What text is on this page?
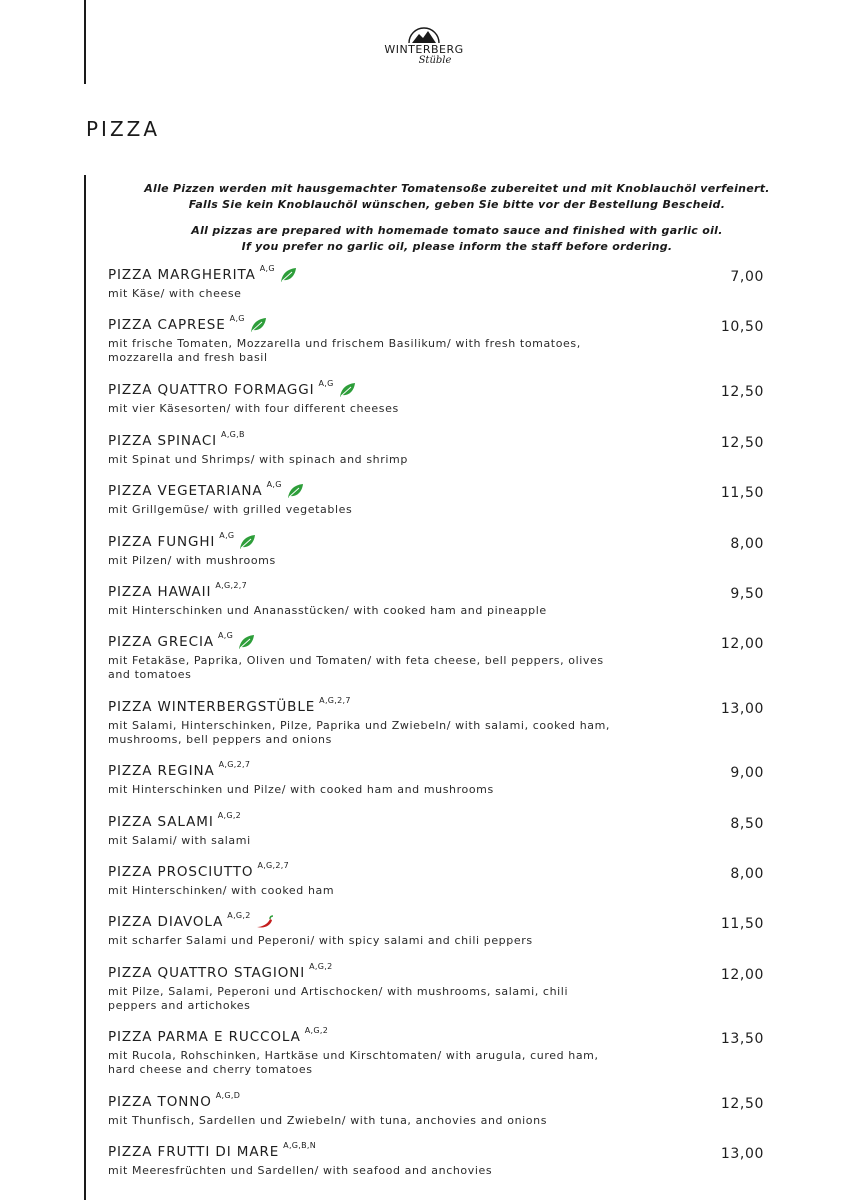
WINTERBERG
Stüble
PIZZA

Alle Pizzen werden mit hausgemachter Tomatensoße zubereitet und mit Knoblauchöl verfeinert.

Falls Sie kein Knoblauchöl wünschen, geben Sie bitte vor der Bestellung Bescheid.

All pizzas are prepared with homemade tomato sauce and finished with garlic oil.

If you prefer no garlic oil, please inform the staff before ordering.

PIZZA MARGHERITA A,G
7,00
mit Käse/ with cheese
PIZZA CAPRESE A,G
10,50
mit frische Tomaten, Mozzarella und frischem Basilikum/ with fresh tomatoes,
mozzarella and fresh basil
PIZZA QUATTRO FORMAGGI A,G
12,50
mit vier Käsesorten/ with four different cheeses
PIZZA SPINACI A,G,B
12,50
mit Spinat und Shrimps/ with spinach and shrimp
PIZZA VEGETARIANA A,G
11,50
mit Grillgemüse/ with grilled vegetables
PIZZA FUNGHI A,G
8,00
mit Pilzen/ with mushrooms
PIZZA HAWAII A,G,2,7
9,50
mit Hinterschinken und Ananasstücken/ with cooked ham and pineapple
PIZZA GRECIA A,G
12,00
mit Fetakäse, Paprika, Oliven und Tomaten/ with feta cheese, bell peppers, olives
and tomatoes
PIZZA WINTERBERGSTÜBLE A,G,2,7
13,00
mit Salami, Hinterschinken, Pilze, Paprika und Zwiebeln/ with salami, cooked ham,
mushrooms, bell peppers and onions
PIZZA REGINA A,G,2,7
9,00
mit Hinterschinken und Pilze/ with cooked ham and mushrooms
PIZZA SALAMI A,G,2
8,50
mit Salami/ with salami
PIZZA PROSCIUTTO A,G,2,7
8,00
mit Hinterschinken/ with cooked ham
PIZZA DIAVOLA A,G,2
11,50
mit scharfer Salami und Peperoni/ with spicy salami and chili peppers
PIZZA QUATTRO STAGIONI A,G,2
12,00
mit Pilze, Salami, Peperoni und Artischocken/ with mushrooms, salami, chili
peppers and artichokes
PIZZA PARMA E RUCCOLA A,G,2
13,50
mit Rucola, Rohschinken, Hartkäse und Kirschtomaten/ with arugula, cured ham,
hard cheese and cherry tomatoes
PIZZA TONNO A,G,D
12,50
mit Thunfisch, Sardellen und Zwiebeln/ with tuna, anchovies and onions
PIZZA FRUTTI DI MARE A,G,B,N
13,00
mit Meeresfrüchten und Sardellen/ with seafood and anchovies
